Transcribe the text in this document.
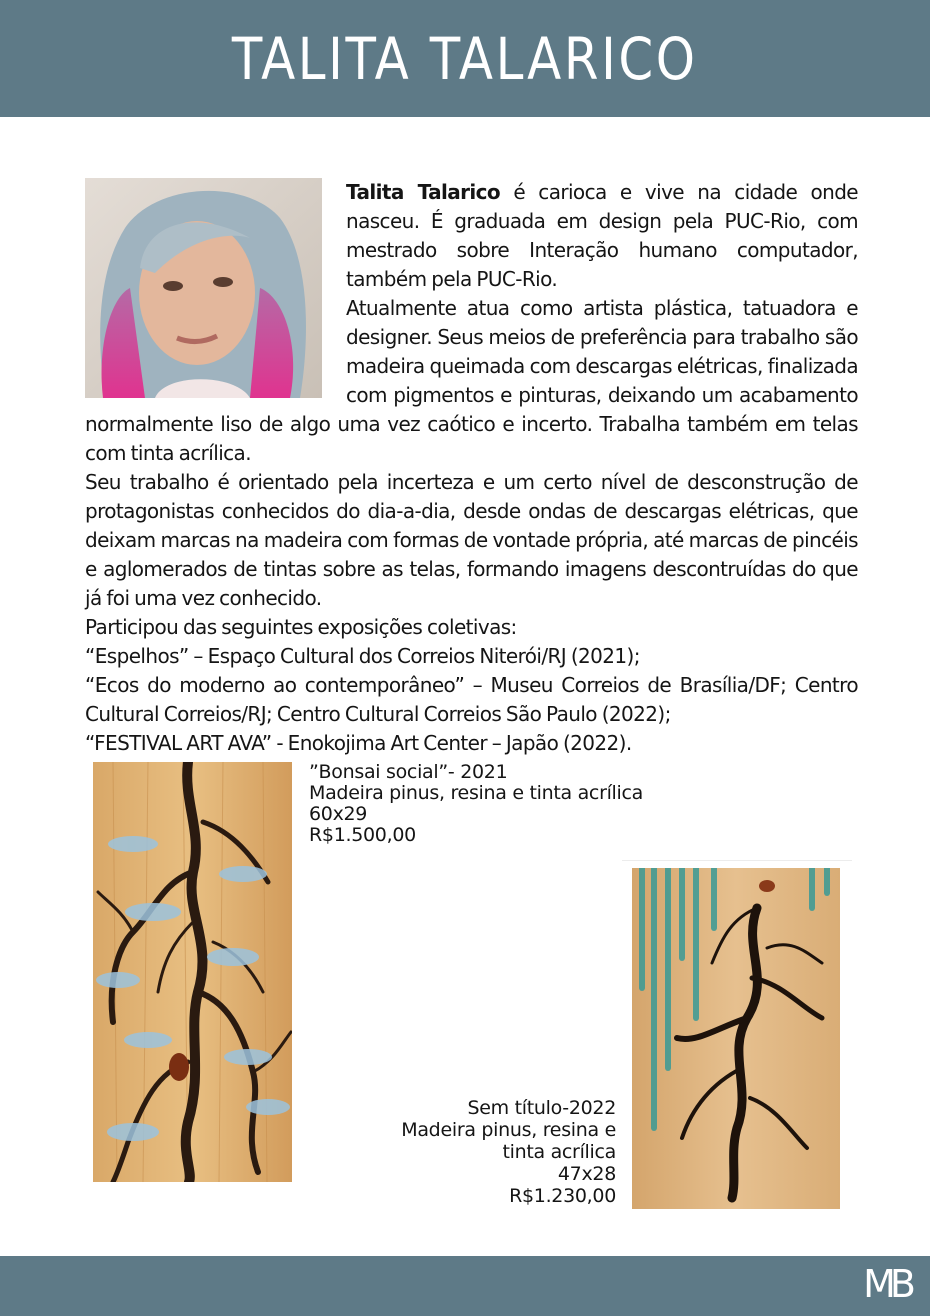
TALITA TALARICO

Talita Talarico é carioca e vive na cidade onde nasceu. É graduada em design pela PUC-Rio, com mestrado sobre Interação humano computador, também pela PUC-Rio.

Atualmente atua como artista plástica, tatuadora e designer. Seus meios de preferência para trabalho são madeira queimada com descargas elétricas, finalizada com pigmentos e pinturas, deixando um acabamento normalmente liso de algo uma vez caótico e incerto. Trabalha também em telas com tinta acrílica.

Seu trabalho é orientado pela incerteza e um certo nível de desconstrução de protagonistas conhecidos do dia-a-dia, desde ondas de descargas elétricas, que deixam marcas na madeira com formas de vontade própria, até marcas de pincéis e aglomerados de tintas sobre as telas, formando imagens descontruídas do que já foi uma vez conhecido.

Participou das seguintes exposições coletivas:

“Espelhos” – Espaço Cultural dos Correios Niterói/RJ (2021);

“Ecos do moderno ao contemporâneo” – Museu Correios de Brasília/DF; Centro Cultural Correios/RJ; Centro Cultural Correios São Paulo (2022);

“FESTIVAL ART AVA” - Enokojima Art Center – Japão (2022).

”Bonsai social”- 2021
Madeira pinus, resina e tinta acrílica
60x29
R$1.500,00
Sem título-2022
Madeira pinus, resina e
tinta acrílica
47x28
R$1.230,00
MB
